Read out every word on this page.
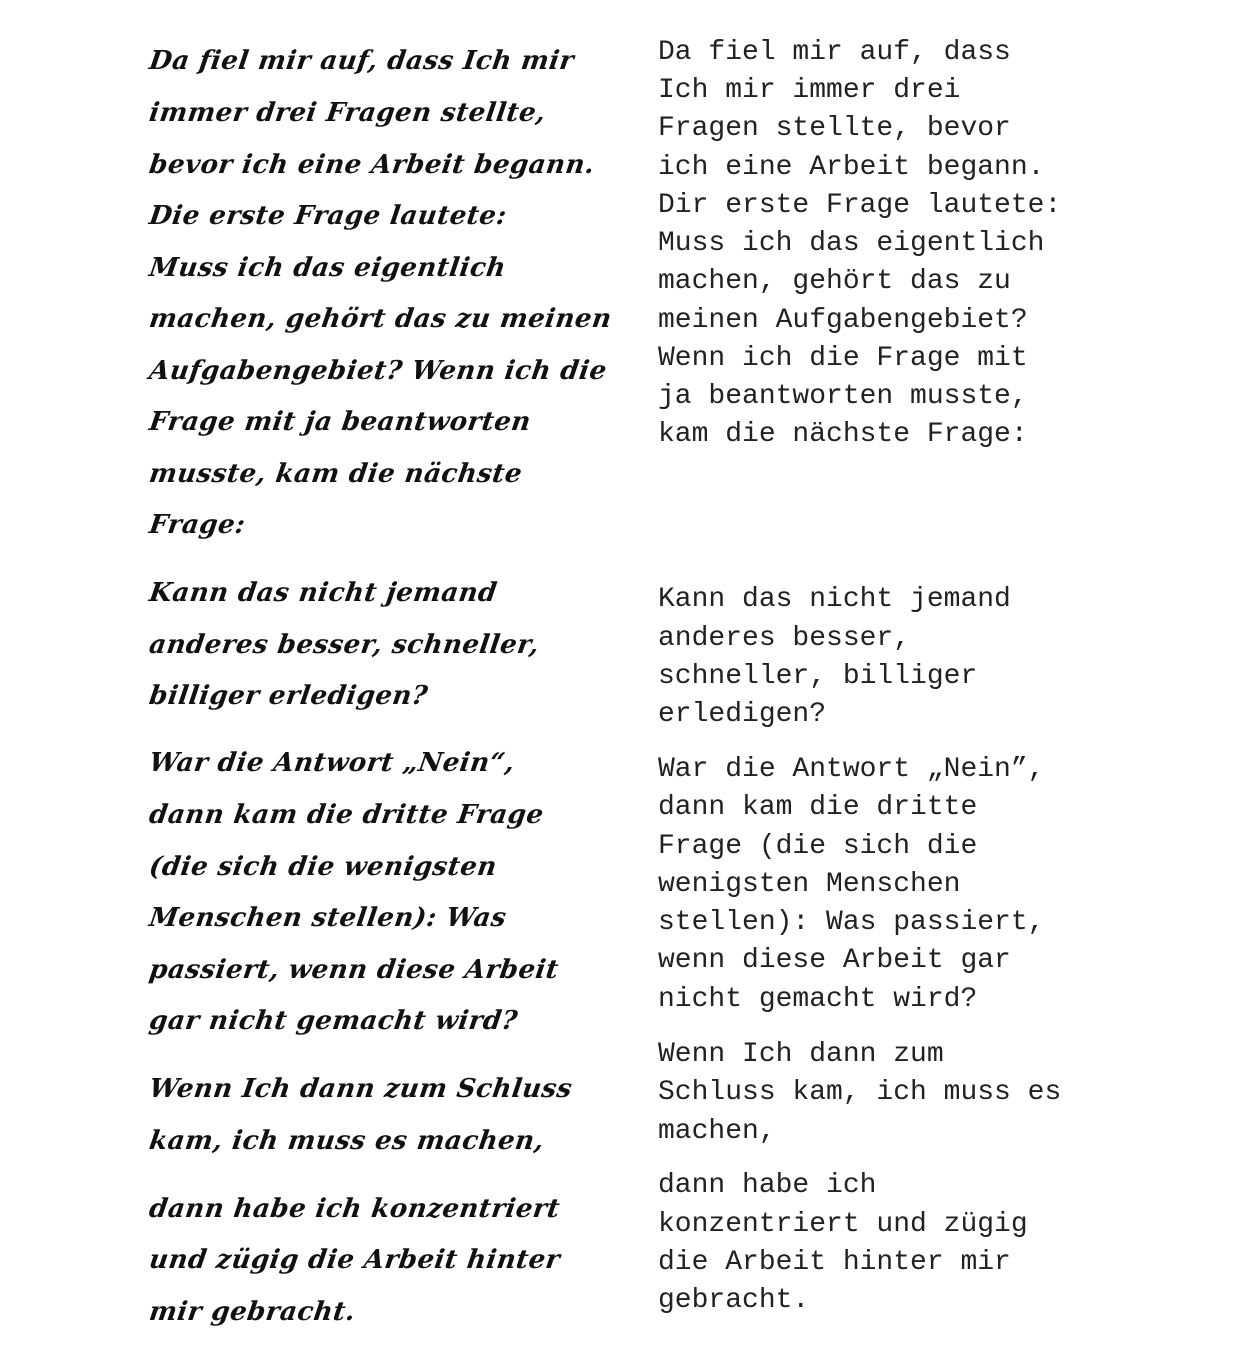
Da fiel mir auf, dass Ich mir
immer drei Fragen stellte,
bevor ich eine Arbeit begann.
Die erste Frage lautete:
Muss ich das eigentlich
machen, gehört das zu meinen
Aufgabengebiet? Wenn ich die
Frage mit ja beantworten
musste, kam die nächste
Frage:
Kann das nicht jemand
anderes besser, schneller,
billiger erledigen?
War die Antwort „Nein“,
dann kam die dritte Frage
(die sich die wenigsten
Menschen stellen): Was
passiert, wenn diese Arbeit
gar nicht gemacht wird?
Wenn Ich dann zum Schluss
kam, ich muss es machen,
dann habe ich konzentriert
und zügig die Arbeit hinter
mir gebracht.
Da fiel mir auf, dass
Ich mir immer drei
Fragen stellte, bevor
ich eine Arbeit begann.
Dir erste Frage lautete:
Muss ich das eigentlich
machen, gehört das zu
meinen Aufgabengebiet?
Wenn ich die Frage mit
ja beantworten musste,
kam die nächste Frage:
Kann das nicht jemand
anderes besser,
schneller, billiger
erledigen?
War die Antwort „Nein”,
dann kam die dritte
Frage (die sich die
wenigsten Menschen
stellen): Was passiert,
wenn diese Arbeit gar
nicht gemacht wird?
Wenn Ich dann zum
Schluss kam, ich muss es
machen,
dann habe ich
konzentriert und zügig
die Arbeit hinter mir
gebracht.
